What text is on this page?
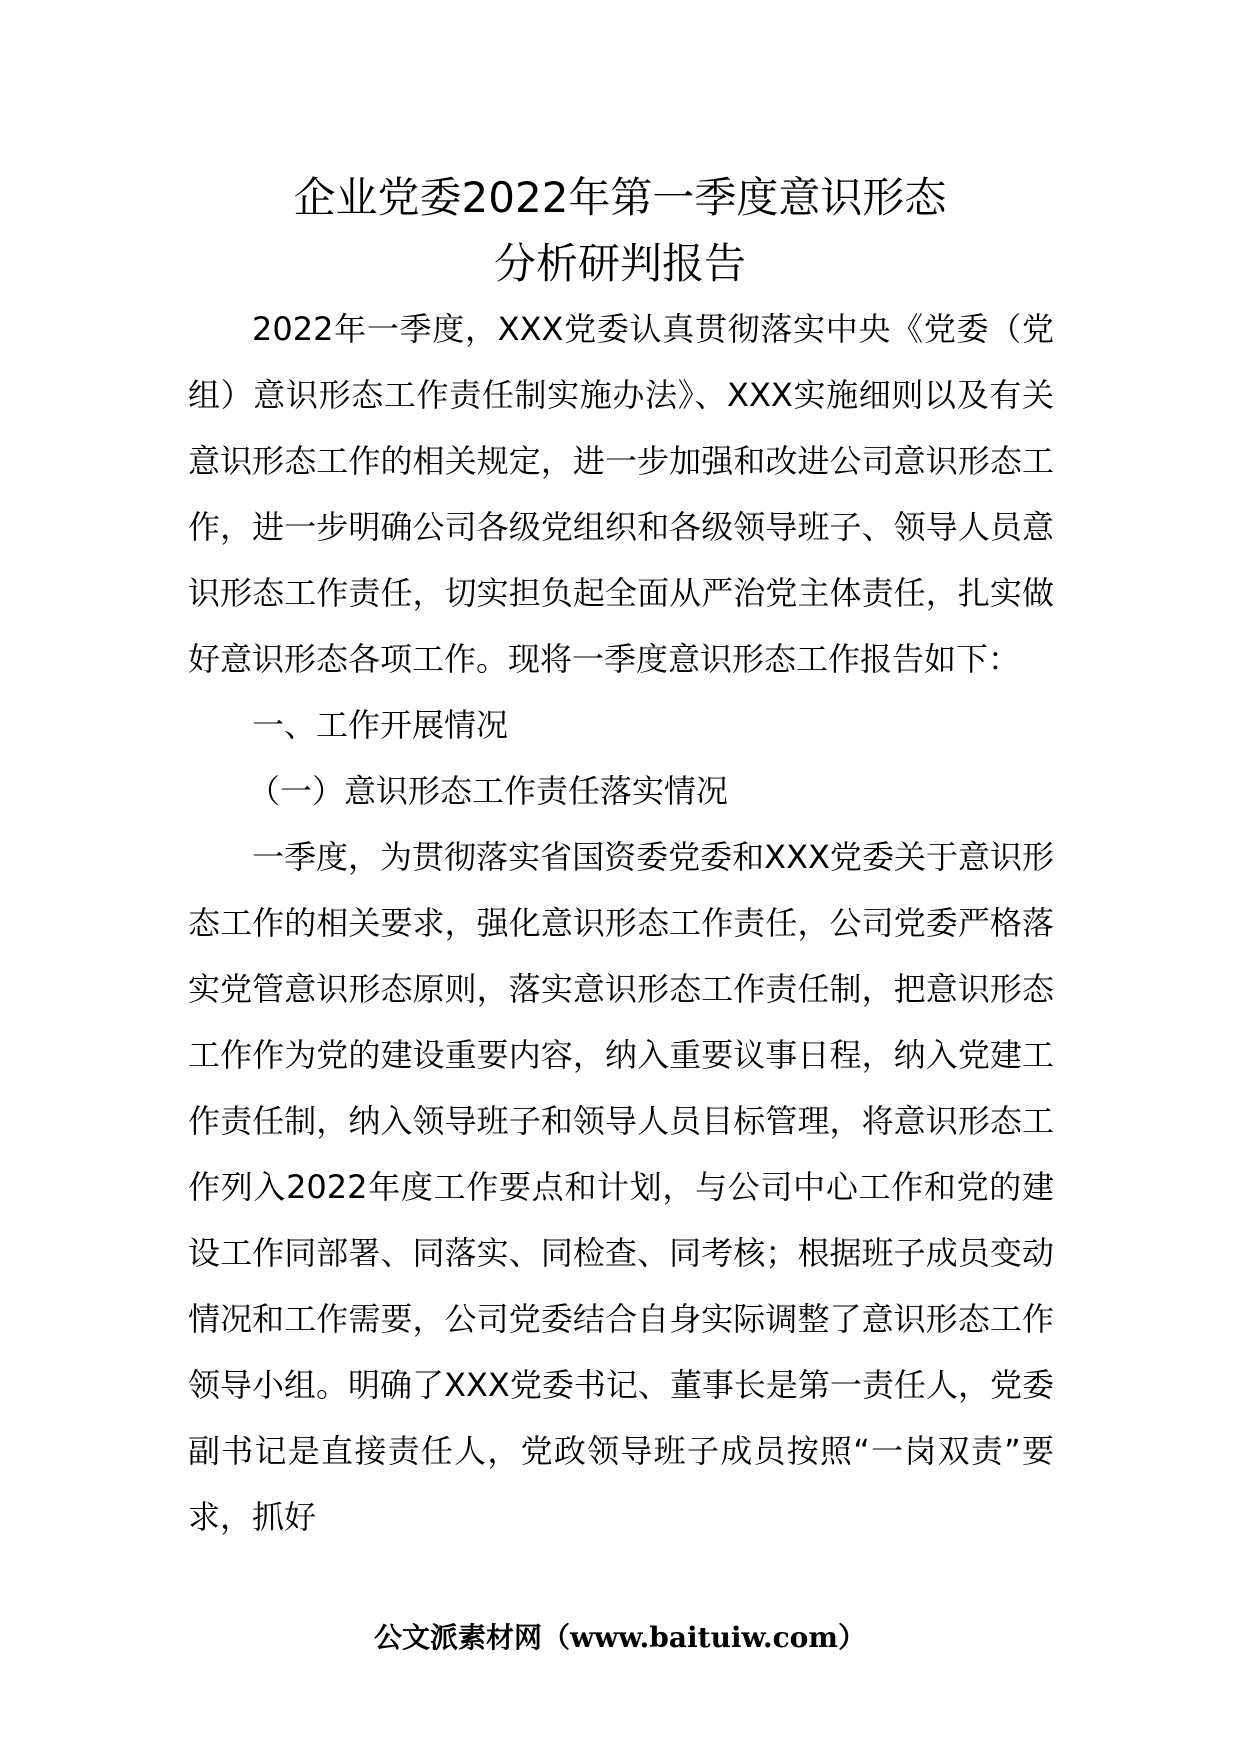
企业党委2022年第一季度意识形态
分析研判报告

2022年一季度，XXX党委认真贯彻落实中央《党委（党组）意识形态工作责任制实施办法》、XXX实施细则以及有关意识形态工作的相关规定，进一步加强和改进公司意识形态工作，进一步明确公司各级党组织和各级领导班子、领导人员意识形态工作责任，切实担负起全面从严治党主体责任，扎实做好意识形态各项工作。现将一季度意识形态工作报告如下：

一、工作开展情况

（一）意识形态工作责任落实情况

一季度，为贯彻落实省国资委党委和XXX党委关于意识形态工作的相关要求，强化意识形态工作责任，公司党委严格落实党管意识形态原则，落实意识形态工作责任制，把意识形态工作作为党的建设重要内容，纳入重要议事日程，纳入党建工作责任制，纳入领导班子和领导人员目标管理，将意识形态工作列入2022年度工作要点和计划，与公司中心工作和党的建设工作同部署、同落实、同检查、同考核；根据班子成员变动情况和工作需要，公司党委结合自身实际调整了意识形态工作领导小组。明确了XXX党委书记、董事长是第一责任人，党委副书记是直接责任人，党政领导班子成员按照“一岗双责”要求，抓好

公文派素材网（www.baituiw.com）
